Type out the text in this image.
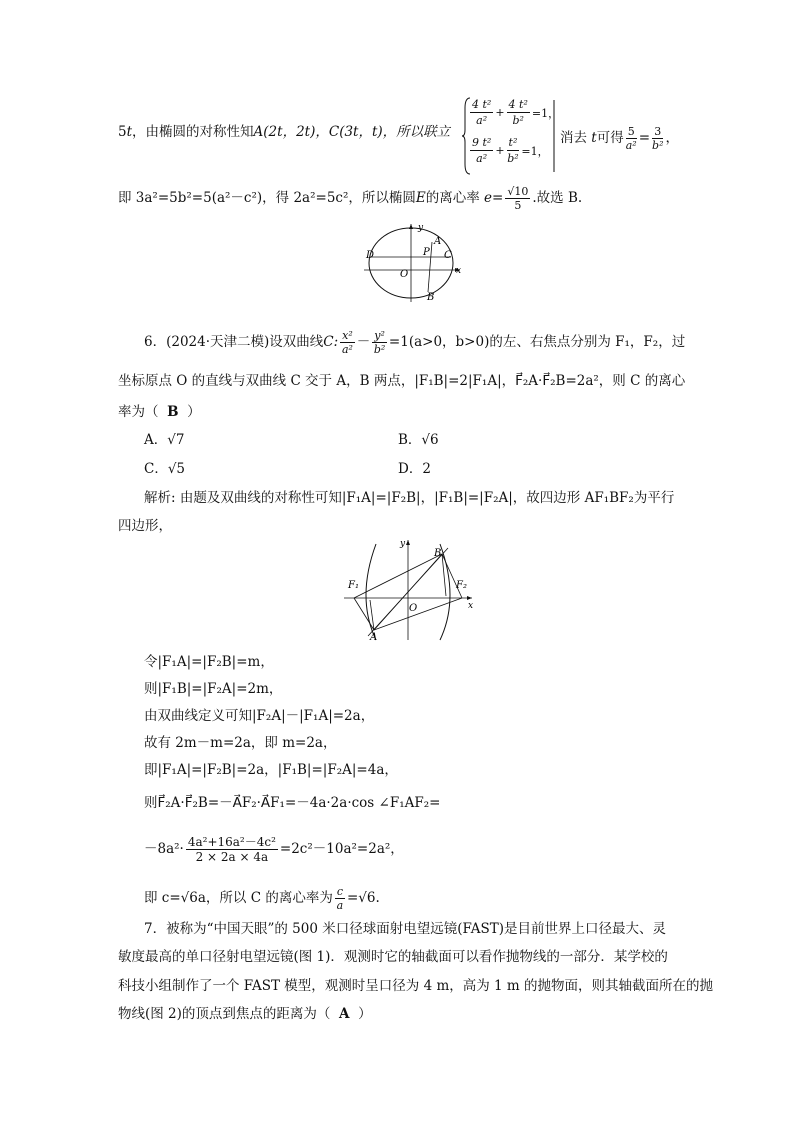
5t，由椭圆的对称性知A(2t，2t)，C(3t，t)，所以联立
$\frac{\text{4 t²}}{\text{a²}} + \frac{\text{4 t²}}{\text{b²}} =1$，
$\frac{\text{9 t²}}{\text{a²}} + \frac{\text{t²}}{\text{b²}} =1$，
消去
t 可得 $\frac{5}{\text{a²}} = \frac{3}{\text{b²}}$ ，
即 3a²=5b²=5(a²－c²)，得 2a²=5c²，所以椭圆 E 的离心率
$e = \frac{√10}{5}$ .故选 B.
y
x
O
A
B
C
D	P
6．(2024·天津二模)设双曲线 C: $\frac{\text{x²}}{\text{a²}} - \frac{\text{y²}}{\text{b²}} =1(a>0$，b>0)的左、右焦点分别为 F₁，F₂，过
坐标原点 O 的直线与双曲线 C 交于 A，B 两点，|F₁B|=2|F₁A|，F⃗₂A·F⃗₂B=2a²，则 C 的离心
率为（ B ）
A．√7	B．√6
C．√5	D．2
解析: 由题及双曲线的对称性可知|F₁A|=|F₂B|，|F₁B|=|F₂A|，故四边形 AF₁BF₂为平行
四边形，
y
x
O
A
B
F₁	F₂
令|F₁A|=|F₂B|=m，
则|F₁B|=|F₂A|=2m，
由双曲线定义可知|F₂A|－|F₁A|=2a，
故有 2m－m=2a，即 m=2a，
即|F₁A|=|F₂B|=2a，|F₁B|=|F₂A|=4a，
则F⃗₂A·F⃗₂B=－A⃗F₂·A⃗F₁=－4a·2a·cos ∠F₁AF₂=
$-8a^2\cdot \frac{\text{4a²+16a²－4c²}}{2 \times 2a \times 4a} =2c^2-10a^2=2a^2$，
即 c=√6a，所以 C 的离心率为 $\frac{c}{a} =√6$.
7．被称为“中国天眼”的 500 米口径球面射电望远镜(FAST)是目前世界上口径最大、灵
敏度最高的单口径射电望远镜(图 1)．观测时它的轴截面可以看作抛物线的一部分．某学校的
科技小组制作了一个 FAST 模型，观测时呈口径为 4 m，高为 1 m 的抛物面，则其轴截面所在的抛
物线(图 2)的顶点到焦点的距离为（ A ）
